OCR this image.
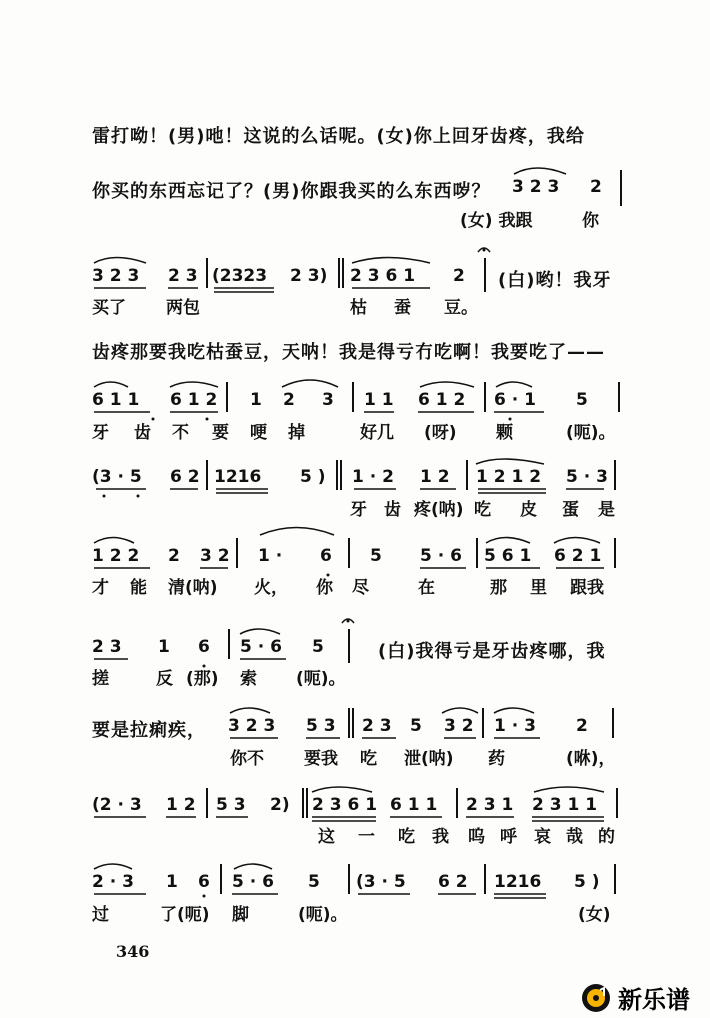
雷打呦！(男)吔！这说的么话呢。(女)你上回牙齿疼，我给
你买的东西忘记了？(男)你跟我买的么东西哕？ 3 2 3 2
(女) 我跟	你
3 2 3 2 3 (2323 2 3) 2 3 6 1 2 (白)哟！我牙
买了 两包	枯 蚕 豆。
齿疼那要我吃枯蚕豆，天呐！我是得亏冇吃啊！我要吃了——
6 1 1 6 1 2 1 2 3 1 1 6 1 2 6 · 1 5
牙 齿 不 要 哽 掉	好几 (呀) 颗	(呃)。
(3 · 5 6 2 1216 5 ) 1 · 2 1 2 1 2 1 2 5 · 3
牙 齿 疼(呐) 吃 皮 蛋 是
1 2 2 2 3 2 1 · 6 5 5 · 6 5 6 1 6 2 1
才 能 清(呐) 火， 你 尽	在	那 里 跟我
2 3 1 6 5 · 6 5	(白)我得亏是牙齿疼哪，我
搓	反 (那) 索 (呃)。
要是拉痢疾， 3 2 3 5 3 2 3 5 3 2 1 · 3 2
你不 要我 吃 泄(呐) 药	(咻)，
(2 · 3 1 2 5 3 2) 2 3 6 1 6 1 1 2 3 1 2 3 1 1
这 一 吃 我 呜 呼 哀 哉 的
2 · 3 1 6 5 · 6 5 (3 · 5 6 2 1216 5 )
过	了(呃) 脚	(呃)。	(女)
346
新乐谱
